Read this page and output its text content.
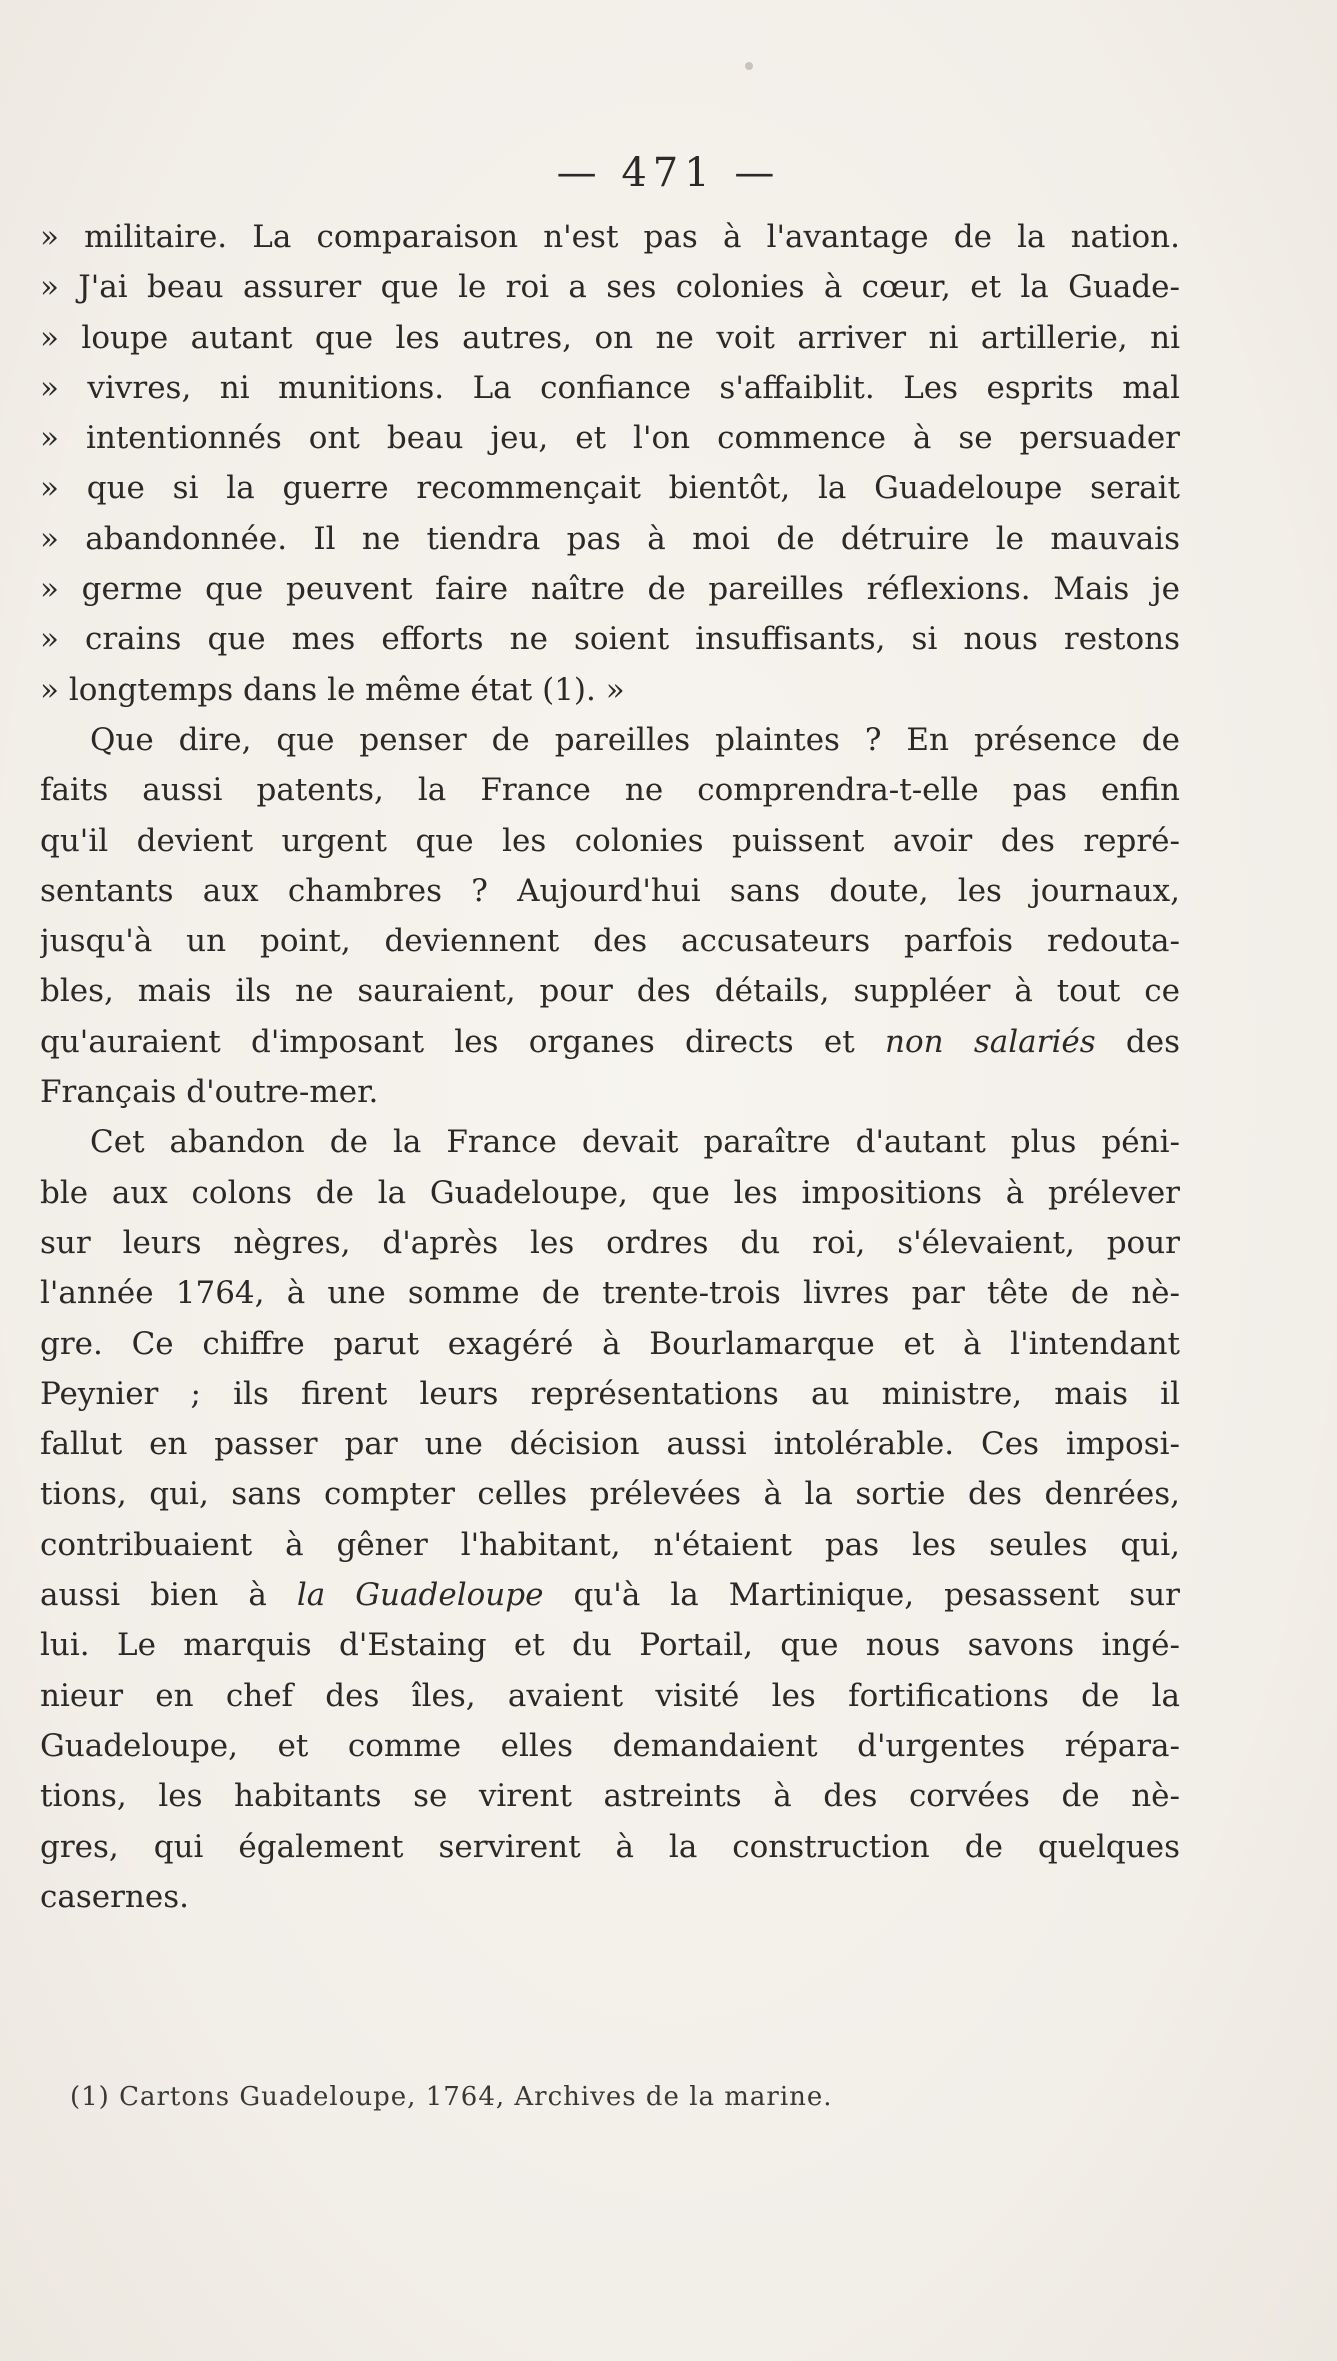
— 471 —
» militaire. La comparaison n'est pas à l'avantage de la nation.
» J'ai beau assurer que le roi a ses colonies à cœur, et la Guade-
» loupe autant que les autres, on ne voit arriver ni artillerie, ni
» vivres, ni munitions. La confiance s'affaiblit. Les esprits mal
» intentionnés ont beau jeu, et l'on commence à se persuader
» que si la guerre recommençait bientôt, la Guadeloupe serait
» abandonnée. Il ne tiendra pas à moi de détruire le mauvais
» germe que peuvent faire naître de pareilles réflexions. Mais je
» crains que mes efforts ne soient insuffisants, si nous restons
» longtemps dans le même état (1). »
Que dire, que penser de pareilles plaintes ? En présence de
faits aussi patents, la France ne comprendra-t-elle pas enfin
qu'il devient urgent que les colonies puissent avoir des repré-
sentants aux chambres ? Aujourd'hui sans doute, les journaux,
jusqu'à un point, deviennent des accusateurs parfois redouta-
bles, mais ils ne sauraient, pour des détails, suppléer à tout ce
qu'auraient d'imposant les organes directs et non salariés des
Français d'outre-mer.
Cet abandon de la France devait paraître d'autant plus péni-
ble aux colons de la Guadeloupe, que les impositions à prélever
sur leurs nègres, d'après les ordres du roi, s'élevaient, pour
l'année 1764, à une somme de trente-trois livres par tête de nè-
gre. Ce chiffre parut exagéré à Bourlamarque et à l'intendant
Peynier ; ils firent leurs représentations au ministre, mais il
fallut en passer par une décision aussi intolérable. Ces imposi-
tions, qui, sans compter celles prélevées à la sortie des denrées,
contribuaient à gêner l'habitant, n'étaient pas les seules qui,
aussi bien à la Guadeloupe qu'à la Martinique, pesassent sur
lui. Le marquis d'Estaing et du Portail, que nous savons ingé-
nieur en chef des îles, avaient visité les fortifications de la
Guadeloupe, et comme elles demandaient d'urgentes répara-
tions, les habitants se virent astreints à des corvées de nè-
gres, qui également servirent à la construction de quelques
casernes.
(1) Cartons Guadeloupe, 1764, Archives de la marine.
